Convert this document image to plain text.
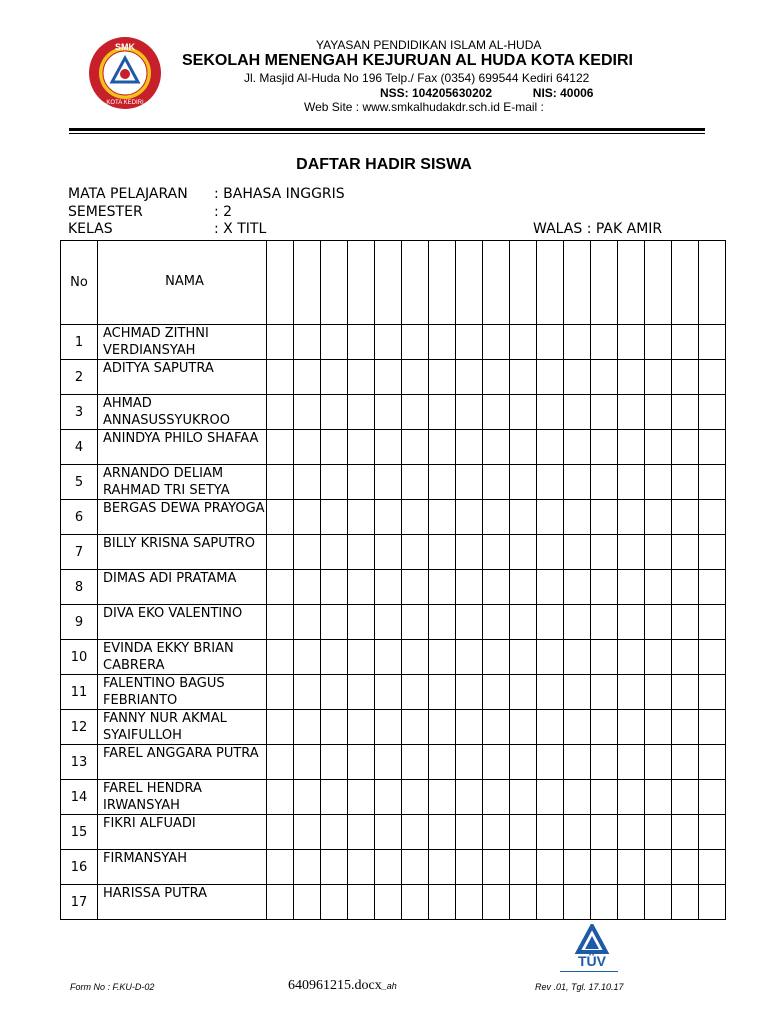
SMK
KOTA KEDIRI
YAYASAN PENDIDIKAN ISLAM AL-HUDA
SEKOLAH MENENGAH KEJURUAN AL HUDA KOTA KEDIRI
Jl. Masjid Al-Huda No 196 Telp./ Fax (0354) 699544 Kediri 64122
NSS: 104205630202	NIS: 40006
Web Site : www.smkalhudakdr.sch.id E-mail :
DAFTAR HADIR SISWA
MATA PELAJARAN : BAHASA INGGRIS
SEMESTER	: 2
KELAS	: X TITL	WALAS : PAK AMIR
No	NAMA																	
1	ACHMAD ZITHNI VERDIANSYAH																	
2	ADITYA SAPUTRA																	
3	AHMAD ANNASUSSYUKROO																	
4	ANINDYA PHILO SHAFAA																	
5	ARNANDO DELIAM RAHMAD TRI SETYA																	
6	BERGAS DEWA PRAYOGA																	
7	BILLY KRISNA SAPUTRO																	
8	DIMAS ADI PRATAMA																	
9	DIVA EKO VALENTINO																	
10	EVINDA EKKY BRIAN CABRERA																	
11	FALENTINO BAGUS FEBRIANTO																	
12	FANNY NUR AKMAL SYAIFULLOH																	
13	FAREL ANGGARA PUTRA																	
14	FAREL HENDRA IRWANSYAH																	
15	FIKRI ALFUADI																	
16	FIRMANSYAH																	
17	HARISSA PUTRA																	
TÜV
Form No : F.KU-D-02	640961215.docx_ah	Rev .01, Tgl. 17.10.17
